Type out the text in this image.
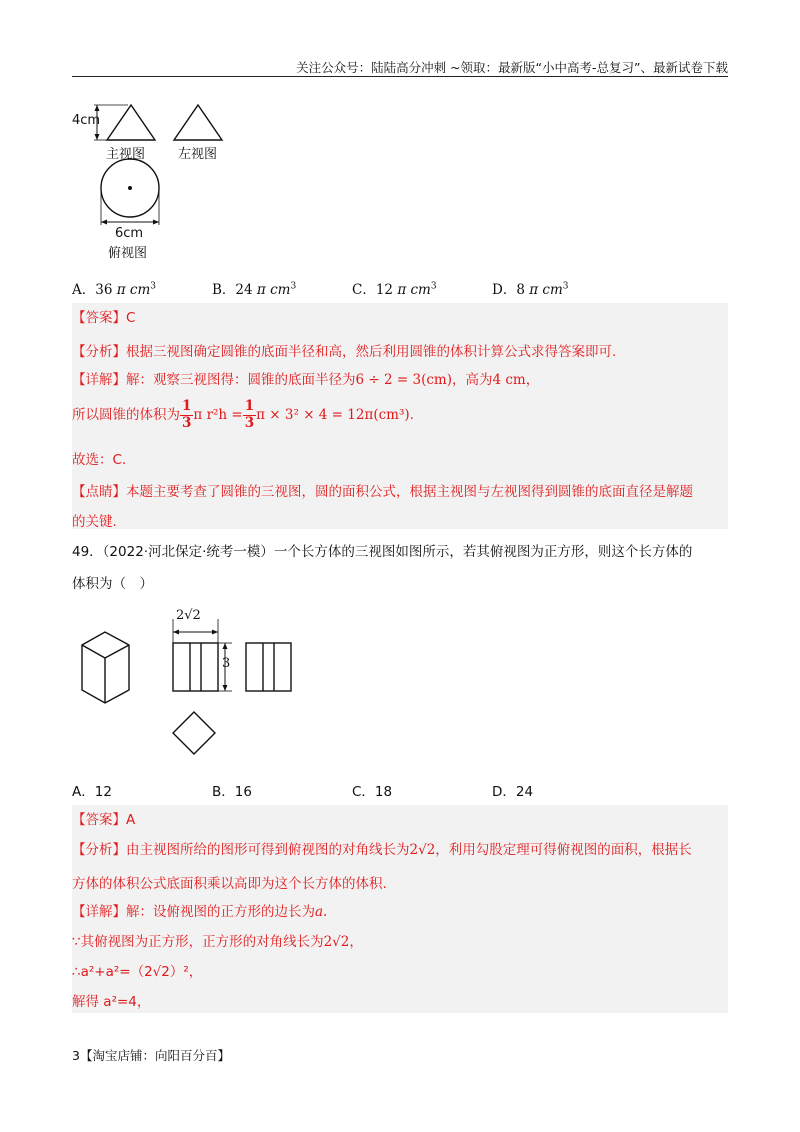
关注公众号：陆陆高分冲刺 ~领取：最新版“小中高考-总复习”、最新试卷下载
4cm
主视图	左视图
6cm
俯视图
A．36 π $cm^3$	B．24 π $cm^3$	C．12 π $cm^3$	D．8 π $cm^3$
【答案】C
【分析】根据三视图确定圆锥的底面半径和高，然后利用圆锥的体积计算公式求得答案即可.
【详解】解：观察三视图得：圆锥的底面半径为6 ÷ 2 = 3(cm)，高为4 cm，
所以圆锥的体积为 $\frac{1}{3}$ π $r^2h = \frac{1}{3}$ π × 3² × 4 = 12π(cm³).
故选：C.
【点睛】本题主要考查了圆锥的三视图，圆的面积公式，根据主视图与左视图得到圆锥的底面直径是解题
的关键.
49．（2022·河北保定·统考一模）一个长方体的三视图如图所示，若其俯视图为正方形，则这个长方体的
体积为（　）
2√2
3
A．12	B．16	C．18	D．24
【答案】A
【分析】由主视图所给的图形可得到俯视图的对角线长为2√2，利用勾股定理可得俯视图的面积，根据长
方体的体积公式底面积乘以高即为这个长方体的体积.
【详解】解：设俯视图的正方形的边长为a.
∵其俯视图为正方形，正方形的对角线长为2√2，
∴a²+a²=（2√2）²，
解得 a²=4，
3【淘宝店铺：向阳百分百】
